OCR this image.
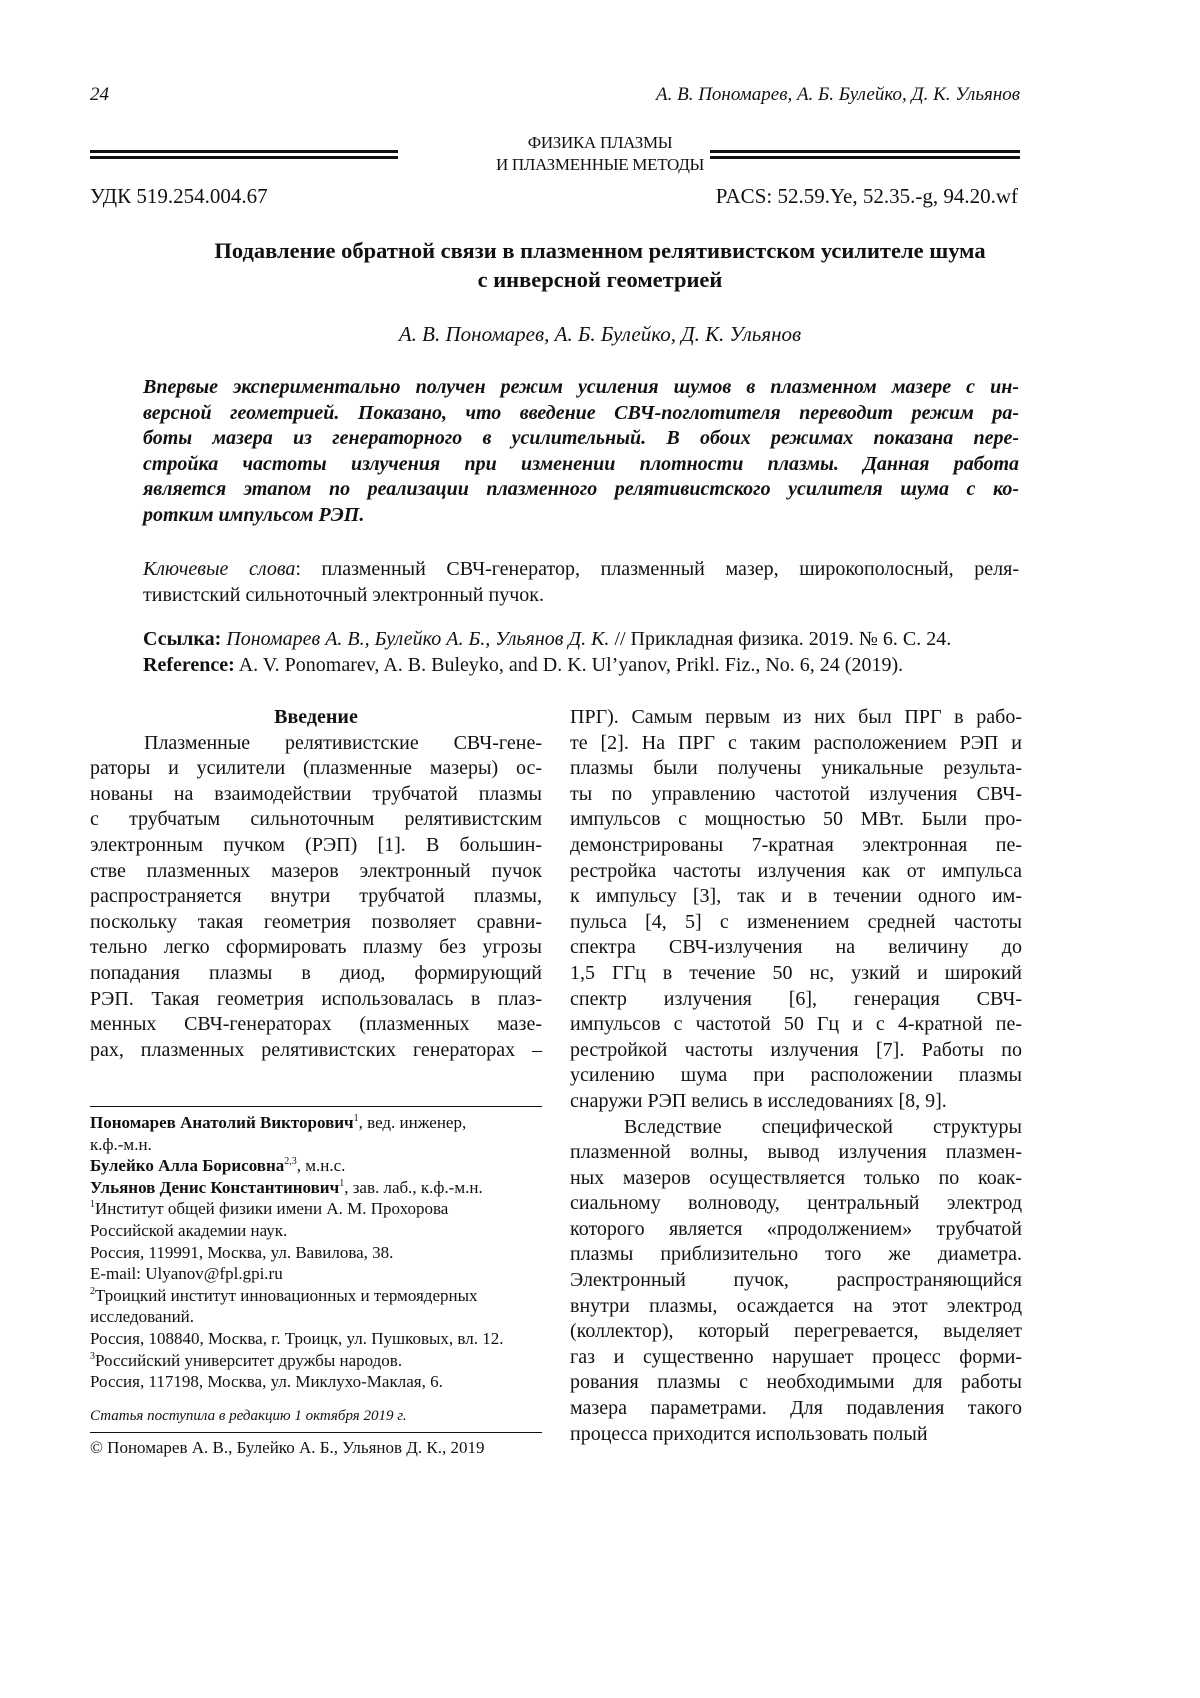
24	А. В. Пономарев, А. Б. Булейко, Д. К. Ульянов
ФИЗИКА ПЛАЗМЫ
И ПЛАЗМЕННЫЕ МЕТОДЫ
УДК 519.254.004.67	PACS: 52.59.Ye, 52.35.-g, 94.20.wf
Подавление обратной связи в плазменном релятивистском усилителе шума
с инверсной геометрией
А. В. Пономарев, А. Б. Булейко, Д. К. Ульянов
Впервые экспериментально получен режим усиления шумов в плазменном мазере с ин-
версной геометрией. Показано, что введение СВЧ-поглотителя переводит режим ра-
боты мазера из генераторного в усилительный. В обоих режимах показана пере-
стройка частоты излучения при изменении плотности плазмы. Данная работа
является этапом по реализации плазменного релятивистского усилителя шума с ко-
ротким импульсом РЭП.
Ключевые слова: плазменный СВЧ-генератор, плазменный мазер, широкополосный, реля-
тивистский сильноточный электронный пучок.
Ссылка: Пономарев А. В., Булейко А. Б., Ульянов Д. К. // Прикладная физика. 2019. № 6. С. 24.
Reference: A. V. Ponomarev, A. B. Buleyko, and D. K. Ul’yanov, Prikl. Fiz., No. 6, 24 (2019).
Введение
Плазменные релятивистские СВЧ-гене-
раторы и усилители (плазменные мазеры) ос-
нованы на взаимодействии трубчатой плазмы
с трубчатым сильноточным релятивистским
электронным пучком (РЭП) [1]. В большин-
стве плазменных мазеров электронный пучок
распространяется внутри трубчатой плазмы,
поскольку такая геометрия позволяет сравни-
тельно легко сформировать плазму без угрозы
попадания плазмы в диод, формирующий
РЭП. Такая геометрия использовалась в плаз-
менных СВЧ-генераторах (плазменных мазе-
рах, плазменных релятивистских генераторах –
ПРГ). Самым первым из них был ПРГ в рабо-
те [2]. На ПРГ с таким расположением РЭП и
плазмы были получены уникальные результа-
ты по управлению частотой излучения СВЧ-
импульсов с мощностью 50 МВт. Были про-
демонстрированы 7-кратная электронная пе-
рестройка частоты излучения как от импульса
к импульсу [3], так и в течении одного им-
пульса [4, 5] с изменением средней частоты
спектра СВЧ-излучения на величину до
1,5 ГГц в течение 50 нс, узкий и широкий
спектр излучения [6], генерация СВЧ-
импульсов с частотой 50 Гц и с 4-кратной пе-
рестройкой частоты излучения [7]. Работы по
усилению шума при расположении плазмы
снаружи РЭП велись в исследованиях [8, 9].
Вследствие специфической структуры
плазменной волны, вывод излучения плазмен-
ных мазеров осуществляется только по коак-
сиальному волноводу, центральный электрод
которого является «продолжением» трубчатой
плазмы приблизительно того же диаметра.
Электронный пучок, распространяющийся
внутри плазмы, осаждается на этот электрод
(коллектор), который перегревается, выделяет
газ и существенно нарушает процесс форми-
рования плазмы с необходимыми для работы
мазера параметрами. Для подавления такого
процесса приходится использовать полый
Пономарев Анатолий Викторович1, вед. инженер,
к.ф.-м.н.
Булейко Алла Борисовна2,3, м.н.с.
Ульянов Денис Константинович1, зав. лаб., к.ф.-м.н.
1Институт общей физики имени А. М. Прохорова
Российской академии наук.
Россия, 119991, Москва, ул. Вавилова, 38.
E-mail: Ulyanov@fpl.gpi.ru
2Троицкий институт инновационных и термоядерных
исследований.
Россия, 108840, Москва, г. Троицк, ул. Пушковых, вл. 12.
3Российский университет дружбы народов.
Россия, 117198, Москва, ул. Миклухо-Маклая, 6.
Статья поступила в редакцию 1 октября 2019 г.
© Пономарев А. В., Булейко А. Б., Ульянов Д. К., 2019
